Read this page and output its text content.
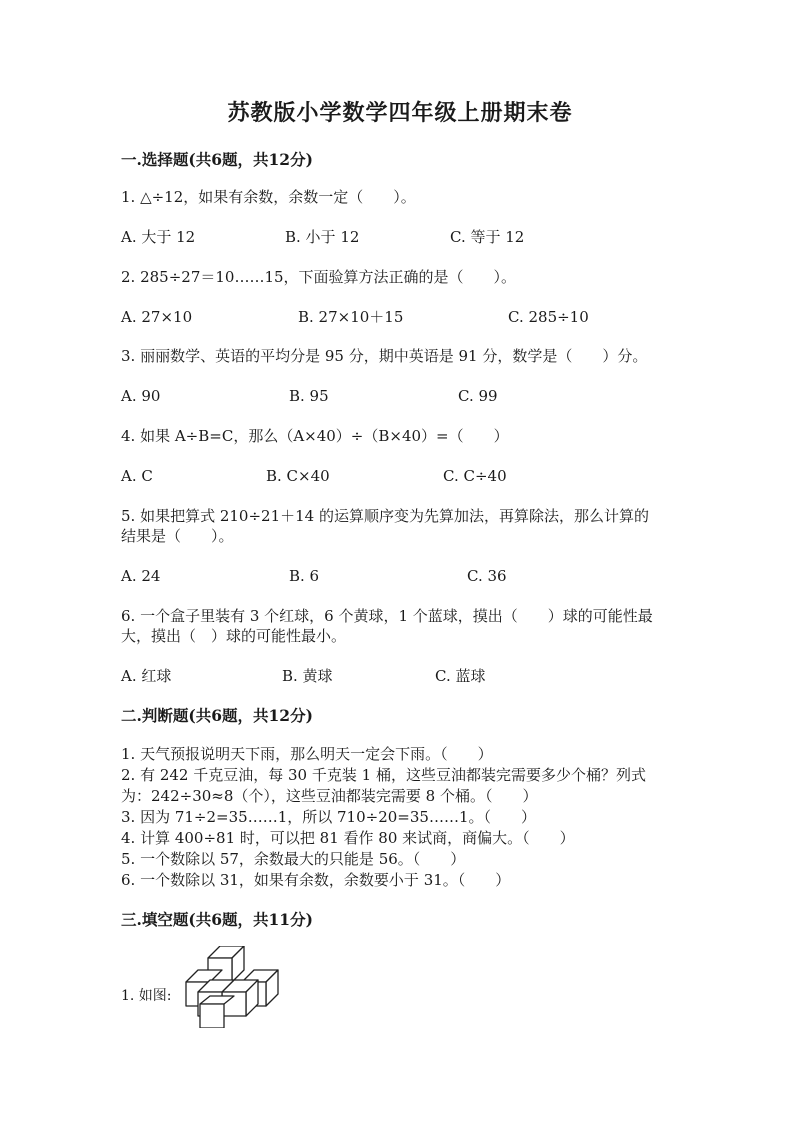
苏教版小学数学四年级上册期末卷
一.选择题(共6题，共12分)
1. △÷12，如果有余数，余数一定（　　）。
A. 大于 12	B. 小于 12	C. 等于 12
2. 285÷27＝10……15，下面验算方法正确的是（　　）。
A. 27×10	B. 27×10＋15	C. 285÷10
3. 丽丽数学、英语的平均分是 95 分，期中英语是 91 分，数学是（　　）分。
A. 90	B. 95	C. 99
4. 如果 A÷B=C，那么（A×40）÷（B×40）=（　　）
A. C	B. C×40	C. C÷40
5. 如果把算式 210÷21＋14 的运算顺序变为先算加法，再算除法，那么计算的
结果是（　　）。
A. 24	B. 6	C. 36
6. 一个盒子里装有 3 个红球，6 个黄球，1 个蓝球，摸出（　　）球的可能性最
大，摸出（　）球的可能性最小。
A. 红球	B. 黄球	C. 蓝球
二.判断题(共6题，共12分)
1. 天气预报说明天下雨，那么明天一定会下雨。（　　）
2. 有 242 千克豆油，每 30 千克装 1 桶，这些豆油都装完需要多少个桶？列式
为：242÷30≈8（个），这些豆油都装完需要 8 个桶。（　　）
3. 因为 71÷2=35……1，所以 710÷20=35……1。（　　）
4. 计算 400÷81 时，可以把 81 看作 80 来试商，商偏大。（　　）
5. 一个数除以 57，余数最大的只能是 56。（　　）
6. 一个数除以 31，如果有余数，余数要小于 31。（　　）
三.填空题(共6题，共11分)
1. 如图:
